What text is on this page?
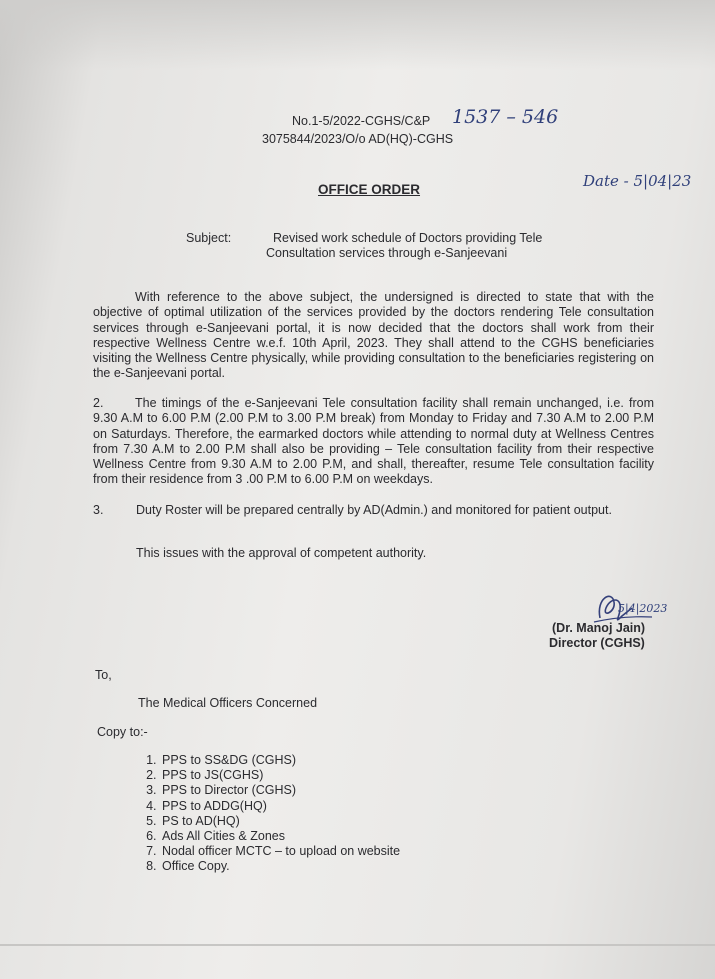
No.1-5/2022-CGHS/C&P 1537 – 546
3075844/2023/O/o AD(HQ)-CGHS
OFFICE ORDER	Date - 5|04|23
Subject:	Revised work schedule of Doctors providing Tele
Consultation services through e-Sanjeevani
With reference to the above subject, the undersigned is directed to state that with the objective of optimal utilization of the services provided by the doctors rendering Tele consultation services through e-Sanjeevani portal, it is now decided that the doctors shall work from their respective Wellness Centre w.e.f. 10th April, 2023. They shall attend to the CGHS beneficiaries visiting the Wellness Centre physically, while providing consultation to the beneficiaries registering on the e-Sanjeevani portal.
2.	The timings of the e-Sanjeevani Tele consultation facility shall remain unchanged, i.e. from 9.30 A.M to 6.00 P.M (2.00 P.M to 3.00 P.M break) from Monday to Friday and 7.30 A.M to 2.00 P.M on Saturdays. Therefore, the earmarked doctors while attending to normal duty at Wellness Centres from 7.30 A.M to 2.00 P.M shall also be providing – Tele consultation facility from their respective Wellness Centre from 9.30 A.M to 2.00 P.M, and shall, thereafter, resume Tele consultation facility from their residence from 3 .00 P.M to 6.00 P.M on weekdays.
3.	Duty Roster will be prepared centrally by AD(Admin.) and monitored for patient output.
This issues with the approval of competent authority.
5|4|2023
(Dr. Manoj Jain)
Director (CGHS)
To,
The Medical Officers Concerned
Copy to:-
1. PPS to SS&DG (CGHS)
2. PPS to JS(CGHS)
3. PPS to Director (CGHS)
4. PPS to ADDG(HQ)
5. PS to AD(HQ)
6. Ads All Cities & Zones
7. Nodal officer MCTC – to upload on website
8. Office Copy.
